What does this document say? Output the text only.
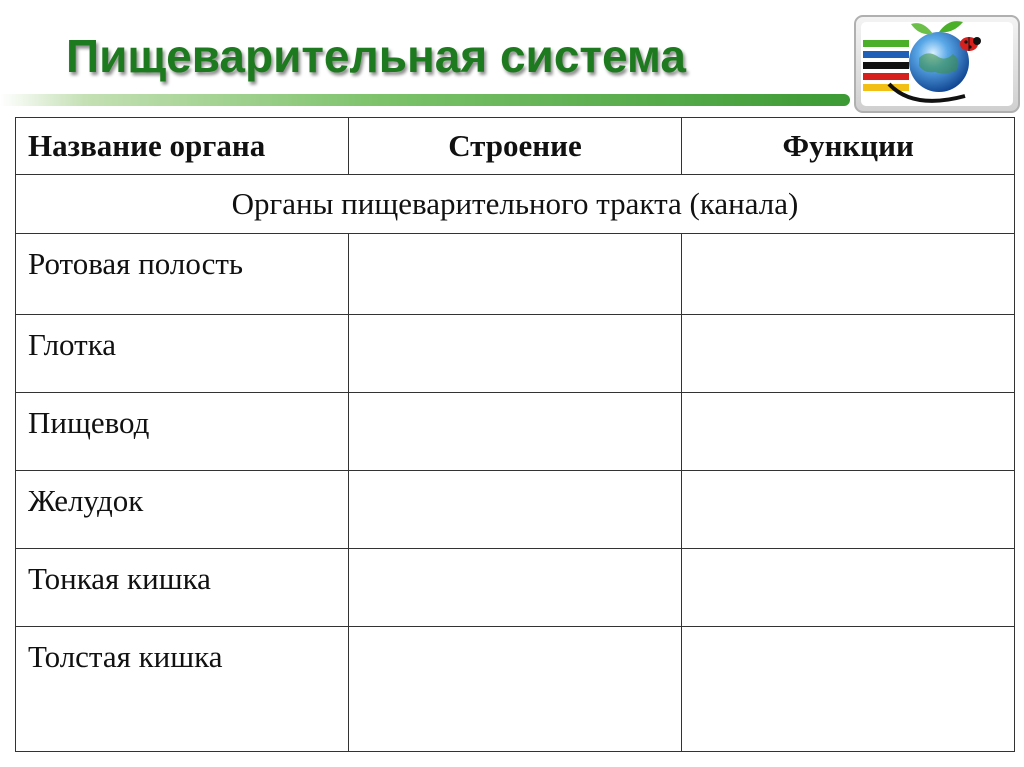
Пищеварительная система
Название органа	Строение	Функции
Органы пищеварительного тракта (канала)		
Ротовая полость		
Глотка		
Пищевод		
Желудок		
Тонкая кишка		
Толстая кишка		
